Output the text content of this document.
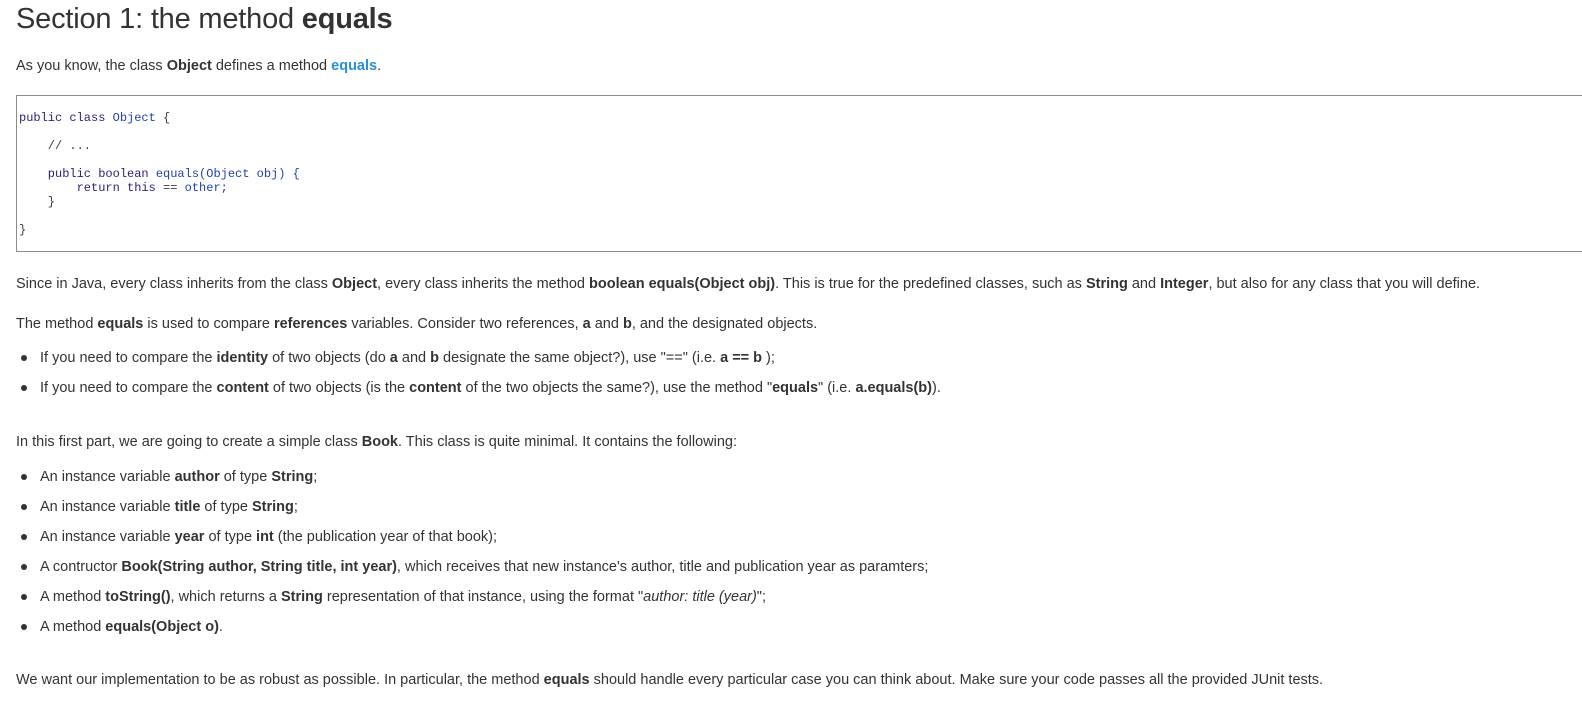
Section 1: the method equals

As you know, the class Object defines a method equals.

public class Object {

// ...

public boolean equals(Object obj) {
return this == other;
}

}

Since in Java, every class inherits from the class Object, every class inherits the method boolean equals(Object obj). This is true for the predefined classes, such as String and Integer, but also for any class that you will define.

The method equals is used to compare references variables. Consider two references, a and b, and the designated objects.

If you need to compare the identity of two objects (do a and b designate the same object?), use "==" (i.e. a == b );
If you need to compare the content of two objects (is the content of the two objects the same?), use the method "equals" (i.e. a.equals(b)).

In this first part, we are going to create a simple class Book. This class is quite minimal. It contains the following:

An instance variable author of type String;
An instance variable title of type String;
An instance variable year of type int (the publication year of that book);
A contructor Book(String author, String title, int year), which receives that new instance's author, title and publication year as paramters;
A method toString(), which returns a String representation of that instance, using the format "author: title (year)";
A method equals(Object o).

We want our implementation to be as robust as possible. In particular, the method equals should handle every particular case you can think about. Make sure your code passes all the provided JUnit tests.
